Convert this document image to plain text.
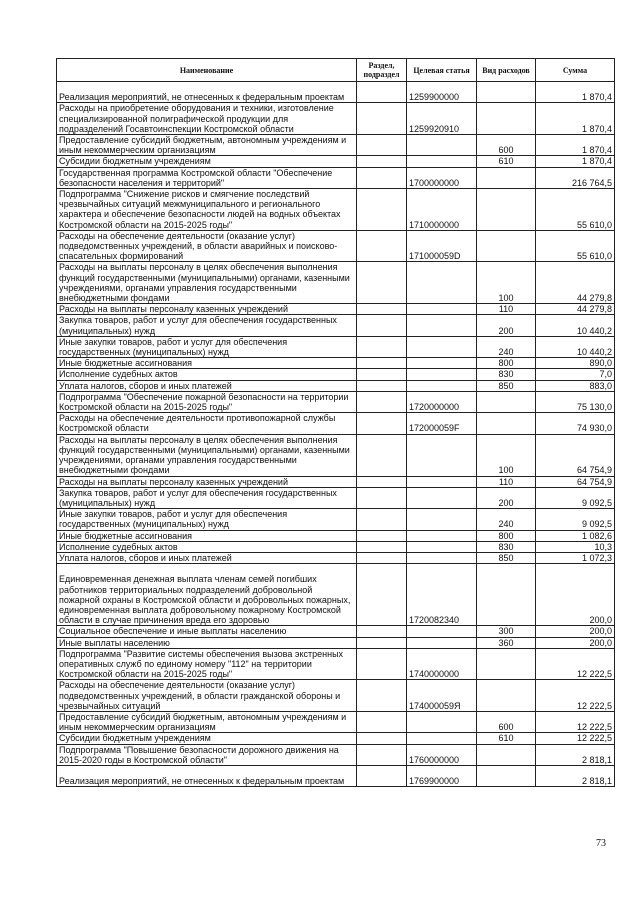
Наименование	Раздел, подраздел	Целевая статья	Вид расходов	Сумма
Реализация мероприятий, не отнесенных к федеральным проектам		1259900000		1 870,4
Расходы на приобретение оборудования и техники, изготовление специализированной полиграфической продукции для подразделений Госавтоинспекции Костромской области		1259920910		1 870,4
Предоставление субсидий бюджетным, автономным учреждениям и иным некоммерческим организациям			600	1 870,4
Субсидии бюджетным учреждениям			610	1 870,4
Государственная программа Костромской области "Обеспечение безопасности населения и территорий"		1700000000		216 764,5
Подпрограмма "Снижение рисков и смягчение последствий чрезвычайных ситуаций межмуниципального и регионального характера и обеспечение безопасности людей на водных объектах Костромской области на 2015-2025 годы"		1710000000		55 610,0
Расходы на обеспечение деятельности (оказание услуг) подведомственных учреждений, в области аварийных и поисково-спасательных формирований		171000059D		55 610,0
Расходы на выплаты персоналу в целях обеспечения выполнения функций государственными (муниципальными) органами, казенными учреждениями, органами управления государственными внебюджетными фондами			100	44 279,8
Расходы на выплаты персоналу казенных учреждений			110	44 279,8
Закупка товаров, работ и услуг для обеспечения государственных (муниципальных) нужд			200	10 440,2
Иные закупки товаров, работ и услуг для обеспечения государственных (муниципальных) нужд			240	10 440,2
Иные бюджетные ассигнования			800	890,0
Исполнение судебных актов			830	7,0
Уплата налогов, сборов и иных платежей			850	883,0
Подпрограмма "Обеспечение пожарной безопасности на территории Костромской области на 2015-2025 годы"		1720000000		75 130,0
Расходы на обеспечение деятельности противопожарной службы Костромской области		172000059F		74 930,0
Расходы на выплаты персоналу в целях обеспечения выполнения функций государственными (муниципальными) органами, казенными учреждениями, органами управления государственными внебюджетными фондами			100	64 754,9
Расходы на выплаты персоналу казенных учреждений			110	64 754,9
Закупка товаров, работ и услуг для обеспечения государственных (муниципальных) нужд			200	9 092,5
Иные закупки товаров, работ и услуг для обеспечения государственных (муниципальных) нужд			240	9 092,5
Иные бюджетные ассигнования			800	1 082,6
Исполнение судебных актов			830	10,3
Уплата налогов, сборов и иных платежей			850	1 072,3
Единовременная денежная выплата членам семей погибших работников территориальных подразделений добровольной пожарной охраны в Костромской области и добровольных пожарных, единовременная выплата добровольному пожарному Костромской области в случае причинения вреда его здоровью		1720082340		200,0
Социальное обеспечение и иные выплаты населению			300	200,0
Иные выплаты населению			360	200,0
Подпрограмма "Развитие системы обеспечения вызова экстренных оперативных служб по единому номеру "112" на территории Костромской области на 2015-2025 годы"		1740000000		12 222,5
Расходы на обеспечение деятельности (оказание услуг) подведомственных учреждений, в области гражданской обороны и чрезвычайных ситуаций		174000059Я		12 222,5
Предоставление субсидий бюджетным, автономным учреждениям и иным некоммерческим организациям			600	12 222,5
Субсидии бюджетным учреждениям			610	12 222,5
Подпрограмма "Повышение безопасности дорожного движения на 2015-2020 годы в Костромской области"		1760000000		2 818,1
Реализация мероприятий, не отнесенных к федеральным проектам		1769900000		2 818,1
73
